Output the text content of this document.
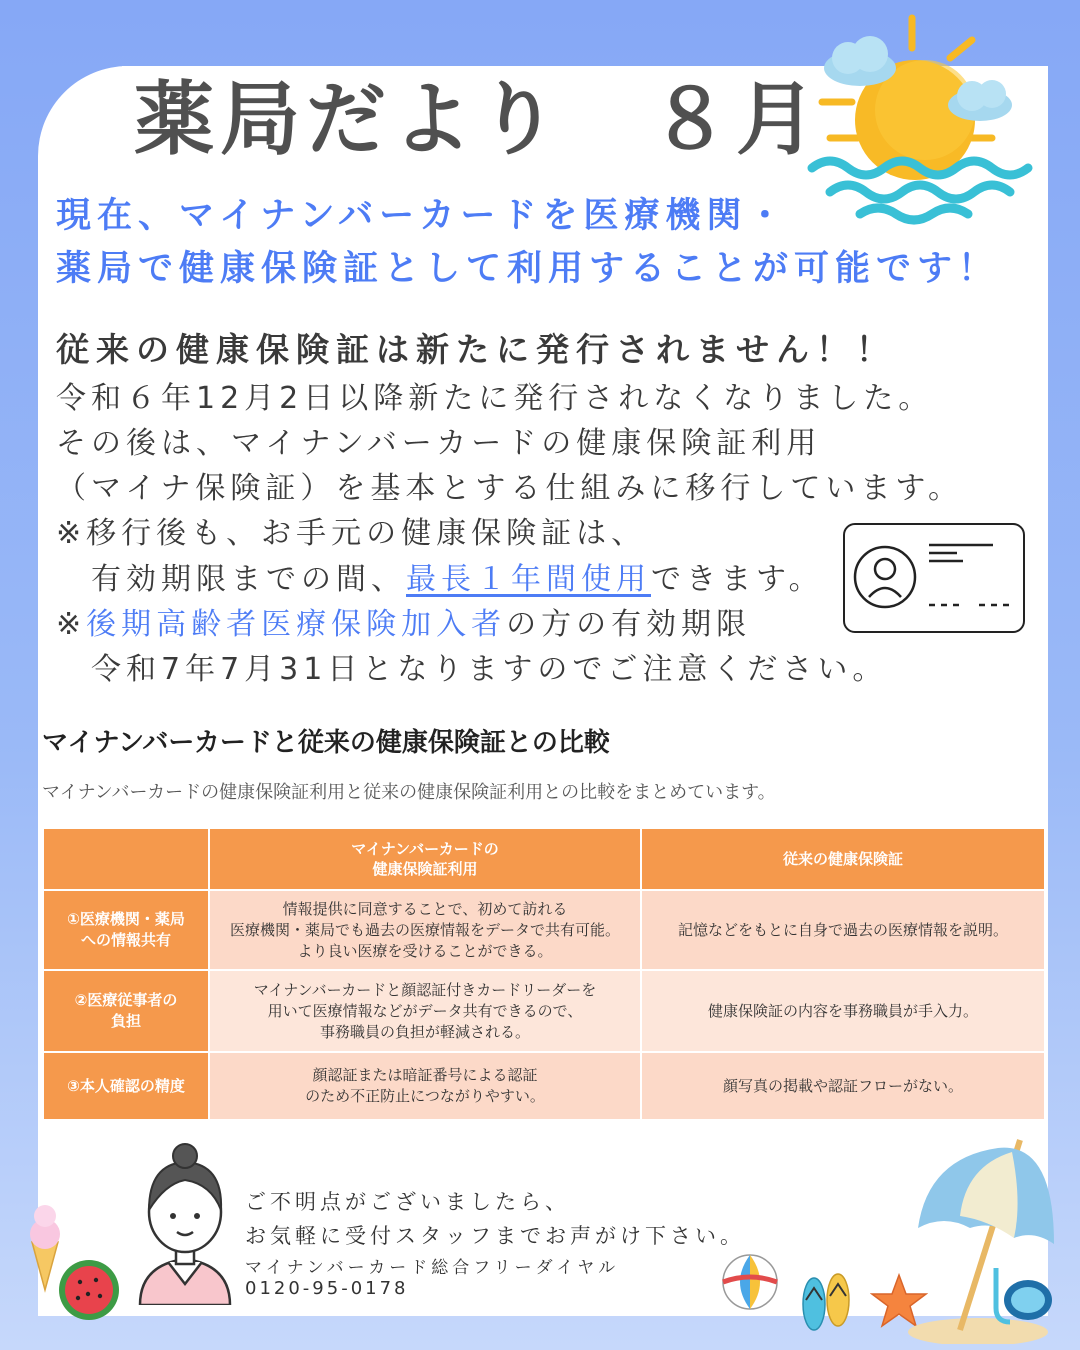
薬局だより　８月
現在、マイナンバーカードを医療機関・
薬局で健康保険証として利用することが可能です！
従来の健康保険証は新たに発行されません！！
令和６年12月2日以降新たに発行されなくなりました。
その後は、マイナンバーカードの健康保険証利用
（マイナ保険証）を基本とする仕組みに移行しています。
※移行後も、お手元の健康保険証は、
　有効期限までの間、最長１年間使用できます。
※後期高齢者医療保険加入者の方の有効期限
　令和7年7月31日となりますのでご注意ください。
マイナンバーカードと従来の健康保険証との比較
マイナンバーカードの健康保険証利用と従来の健康保険証利用との比較をまとめています。
	マイナンバーカードの
健康保険証利用	従来の健康保険証
①医療機関・薬局
への情報共有	情報提供に同意することで、初めて訪れる
医療機関・薬局でも過去の医療情報をデータで共有可能。
より良い医療を受けることができる。	記憶などをもとに自身で過去の医療情報を説明。
②医療従事者の
負担	マイナンバーカードと顔認証付きカードリーダーを
用いて医療情報などがデータ共有できるので、
事務職員の負担が軽減される。	健康保険証の内容を事務職員が手入力。
③本人確認の精度	顔認証または暗証番号による認証
のため不正防止につながりやすい。	顔写真の掲載や認証フローがない。
ご不明点がございましたら、
お気軽に受付スタッフまでお声がけ下さい。
マイナンバーカード総合フリーダイヤル
0120-95-0178
